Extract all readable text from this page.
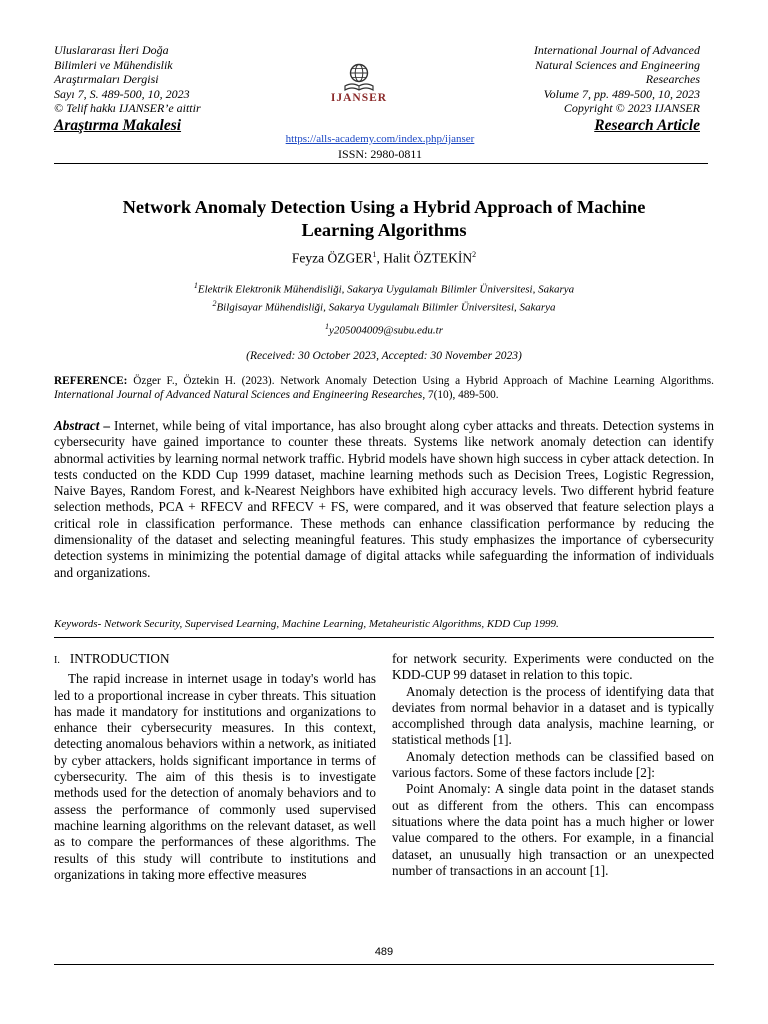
Uluslararası İleri Doğa
Bilimleri ve Mühendislik
Araştırmaları Dergisi
Sayı 7, S. 489-500, 10, 2023
© Telif hakkı IJANSER’e aittir
Araştırma Makalesi
IJANSER
International Journal of Advanced
Natural Sciences and Engineering
Researches
Volume 7, pp. 489-500, 10, 2023
Copyright © 2023 IJANSER
Research Article
https://alls-academy.com/index.php/ijanser
ISSN: 2980-0811
Network Anomaly Detection Using a Hybrid Approach of Machine
Learning Algorithms
Feyza ÖZGER$^1$, Halit ÖZTEKİN$^2$
$^1$Elektrik Elektronik Mühendisliği, Sakarya Uygulamalı Bilimler Üniversitesi, Sakarya
$^2$Bilgisayar Mühendisliği, Sakarya Uygulamalı Bilimler Üniversitesi, Sakarya
$^1$y205004009@subu.edu.tr
(Received: 30 October 2023, Accepted: 30 November 2023)
REFERENCE: Özger F., Öztekin H. (2023). Network Anomaly Detection Using a Hybrid Approach of Machine Learning Algorithms. International Journal of Advanced Natural Sciences and Engineering Researches, 7(10), 489-500.
Abstract – Internet, while being of vital importance, has also brought along cyber attacks and threats. Detection systems in cybersecurity have gained importance to counter these threats. Systems like network anomaly detection can identify abnormal activities by learning normal network traffic. Hybrid models have shown high success in cyber attack detection. In tests conducted on the KDD Cup 1999 dataset, machine learning methods such as Decision Trees, Logistic Regression, Naive Bayes, Random Forest, and k-Nearest Neighbors have exhibited high accuracy levels. Two different hybrid feature selection methods, PCA + RFECV and RFECV + FS, were compared, and it was observed that feature selection plays a critical role in classification performance. These methods can enhance classification performance by reducing the dimensionality of the dataset and selecting meaningful features. This study emphasizes the importance of cybersecurity detection systems in minimizing the potential damage of digital attacks while safeguarding the information of individuals and organizations.
Keywords- Network Security, Supervised Learning, Machine Learning, Metaheuristic Algorithms, KDD Cup 1999.
I. INTRODUCTION

The rapid increase in internet usage in today's world has led to a proportional increase in cyber threats. This situation has made it mandatory for institutions and organizations to enhance their cybersecurity measures. In this context, detecting anomalous behaviors within a network, as initiated by cyber attackers, holds significant importance in terms of cybersecurity. The aim of this thesis is to investigate methods used for the detection of anomaly behaviors and to assess the performance of commonly used supervised machine learning algorithms on the relevant dataset, as well as to compare the performances of these algorithms. The results of this study will contribute to institutions and organizations in taking more effective measures

for network security. Experiments were conducted on the KDD-CUP 99 dataset in relation to this topic.

Anomaly detection is the process of identifying data that deviates from normal behavior in a dataset and is typically accomplished through data analysis, machine learning, or statistical methods [1].

Anomaly detection methods can be classified based on various factors. Some of these factors include [2]:

Point Anomaly: A single data point in the dataset stands out as different from the others. This can encompass situations where the data point has a much higher or lower value compared to the others. For example, in a financial dataset, an unusually high transaction or an unexpected number of transactions in an account [1].

489
